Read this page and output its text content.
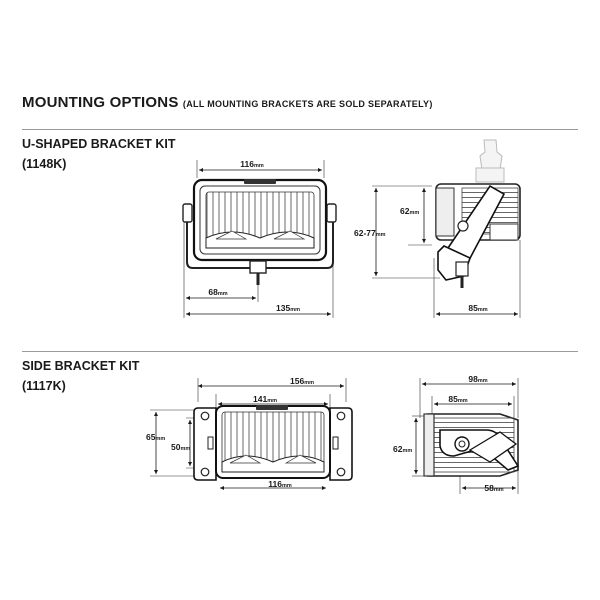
MOUNTING OPTIONS (ALL MOUNTING BRACKETS ARE SOLD SEPARATELY)
U-SHAPED BRACKET KIT
(1148K)
SIDE BRACKET KIT
(1117K)
116mm
68mm
135mm
62mm
62-77mm
85mm
156mm
141mm
65mm
50mm
116mm
98mm
85mm
62mm
58mm
